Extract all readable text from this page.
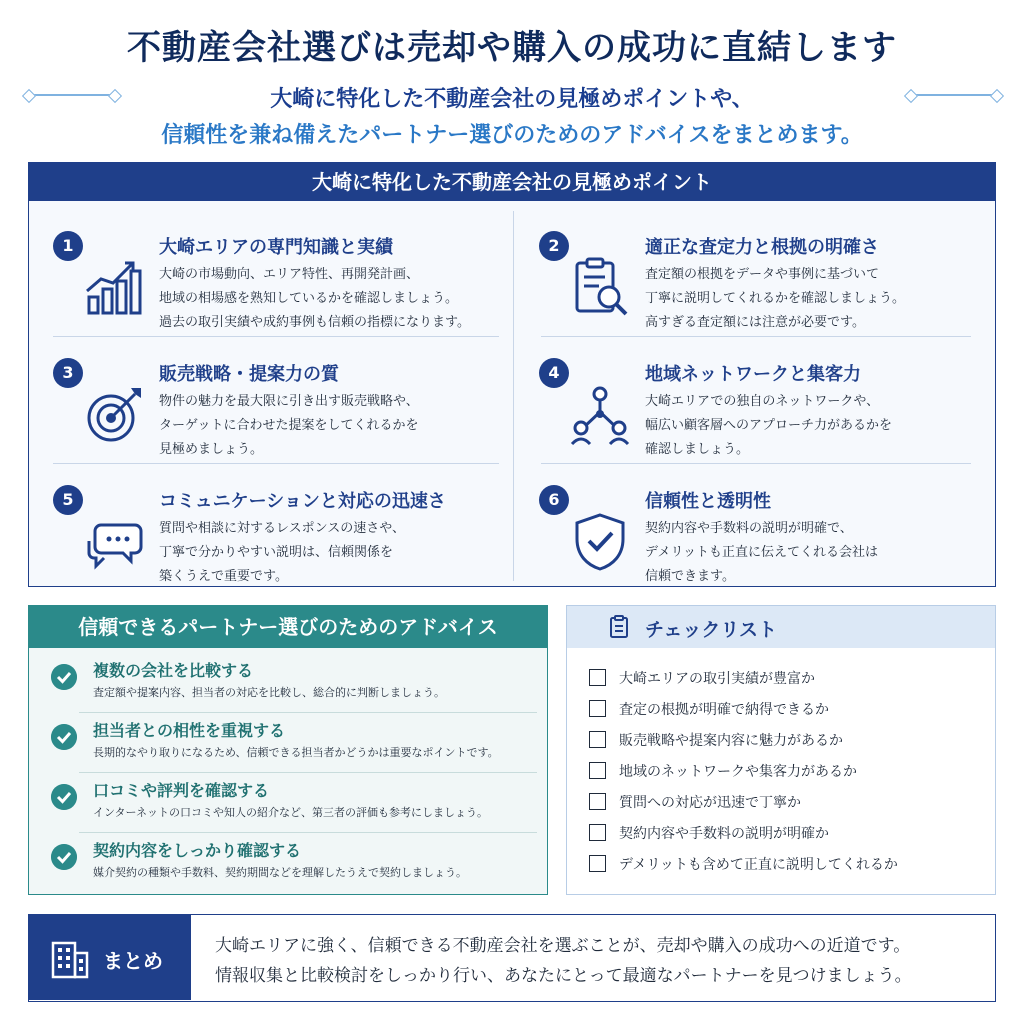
不動産会社選びは売却や購入の成功に直結します
大崎に特化した不動産会社の見極めポイントや、
信頼性を兼ね備えたパートナー選びのためのアドバイスをまとめます。
大崎に特化した不動産会社の見極めポイント
1	大崎エリアの専門知識と実績
大崎の市場動向、エリア特性、再開発計画、
地域の相場感を熟知しているかを確認しましょう。
過去の取引実績や成約事例も信頼の指標になります。
2	適正な査定力と根拠の明確さ
査定額の根拠をデータや事例に基づいて
丁寧に説明してくれるかを確認しましょう。
高すぎる査定額には注意が必要です。
3	販売戦略・提案力の質
物件の魅力を最大限に引き出す販売戦略や、
ターゲットに合わせた提案をしてくれるかを
見極めましょう。
4	地域ネットワークと集客力
大崎エリアでの独自のネットワークや、
幅広い顧客層へのアプローチ力があるかを
確認しましょう。
5	コミュニケーションと対応の迅速さ
質問や相談に対するレスポンスの速さや、
丁寧で分かりやすい説明は、信頼関係を
築くうえで重要です。
6	信頼性と透明性
契約内容や手数料の説明が明確で、
デメリットも正直に伝えてくれる会社は
信頼できます。
信頼できるパートナー選びのためのアドバイス
複数の会社を比較する
査定額や提案内容、担当者の対応を比較し、総合的に判断しましょう。
担当者との相性を重視する
長期的なやり取りになるため、信頼できる担当者かどうかは重要なポイントです。
口コミや評判を確認する
インターネットの口コミや知人の紹介など、第三者の評価も参考にしましょう。
契約内容をしっかり確認する
媒介契約の種類や手数料、契約期間などを理解したうえで契約しましょう。
チェックリスト
大崎エリアの取引実績が豊富か
査定の根拠が明確で納得できるか
販売戦略や提案内容に魅力があるか
地域のネットワークや集客力があるか
質問への対応が迅速で丁寧か
契約内容や手数料の説明が明確か
デメリットも含めて正直に説明してくれるか
まとめ
大崎エリアに強く、信頼できる不動産会社を選ぶことが、売却や購入の成功への近道です。
情報収集と比較検討をしっかり行い、あなたにとって最適なパートナーを見つけましょう。
